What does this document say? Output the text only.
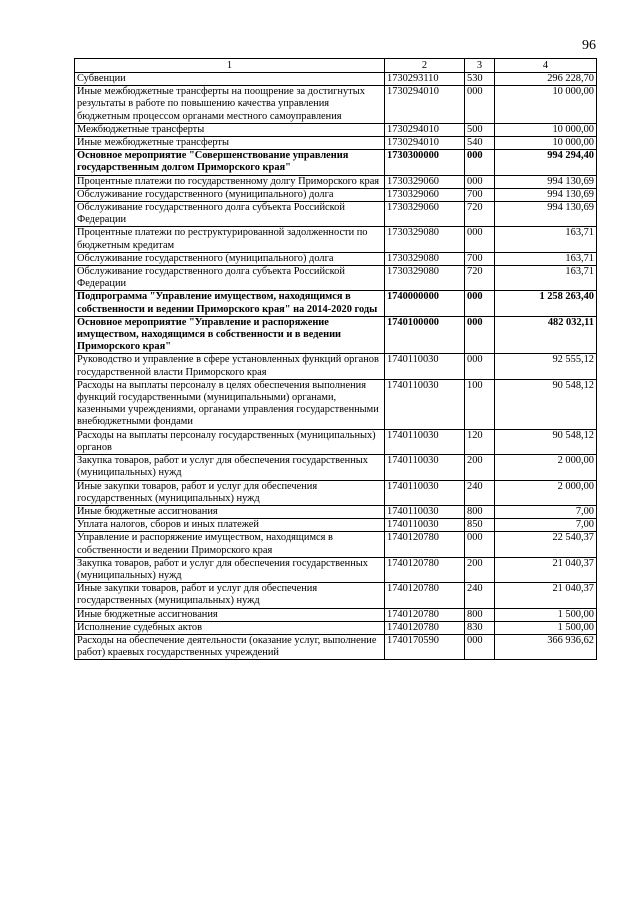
96
1	2	3	4
Субвенции	1730293110	530	296 228,70
Иные межбюджетные трансферты на поощрение за достигнутых результаты в работе по повышению качества управления бюджетным процессом органами местного самоуправления	1730294010	000	10 000,00
Межбюджетные трансферты	1730294010	500	10 000,00
Иные межбюджетные трансферты	1730294010	540	10 000,00
Основное мероприятие "Совершенствование управления государственным долгом Приморского края"	1730300000	000	994 294,40
Процентные платежи по государственному долгу Приморского края	1730329060	000	994 130,69
Обслуживание государственного (муниципального) долга	1730329060	700	994 130,69
Обслуживание государственного долга субъекта Российской Федерации	1730329060	720	994 130,69
Процентные платежи по реструктурированной задолженности по бюджетным кредитам	1730329080	000	163,71
Обслуживание государственного (муниципального) долга	1730329080	700	163,71
Обслуживание государственного долга субъекта Российской Федерации	1730329080	720	163,71
Подпрограмма "Управление имуществом, находящимся в собственности и ведении Приморского края" на 2014-2020 годы	1740000000	000	1 258 263,40
Основное мероприятие "Управление и распоряжение имуществом, находящимся в собственности и в ведении Приморского края"	1740100000	000	482 032,11
Руководство и управление в сфере установленных функций органов государственной власти Приморского края	1740110030	000	92 555,12
Расходы на выплаты персоналу в целях обеспечения выполнения функций государственными (муниципальными) органами, казенными учреждениями, органами управления государственными внебюджетными фондами	1740110030	100	90 548,12
Расходы на выплаты персоналу государственных (муниципальных) органов	1740110030	120	90 548,12
Закупка товаров, работ и услуг для обеспечения государственных (муниципальных) нужд	1740110030	200	2 000,00
Иные закупки товаров, работ и услуг для обеспечения государственных (муниципальных) нужд	1740110030	240	2 000,00
Иные бюджетные ассигнования	1740110030	800	7,00
Уплата налогов, сборов и иных платежей	1740110030	850	7,00
Управление и распоряжение имуществом, находящимся в собственности и ведении Приморского края	1740120780	000	22 540,37
Закупка товаров, работ и услуг для обеспечения государственных (муниципальных) нужд	1740120780	200	21 040,37
Иные закупки товаров, работ и услуг для обеспечения государственных (муниципальных) нужд	1740120780	240	21 040,37
Иные бюджетные ассигнования	1740120780	800	1 500,00
Исполнение судебных актов	1740120780	830	1 500,00
Расходы на обеспечение деятельности (оказание услуг, выполнение работ) краевых государственных учреждений	1740170590	000	366 936,62
